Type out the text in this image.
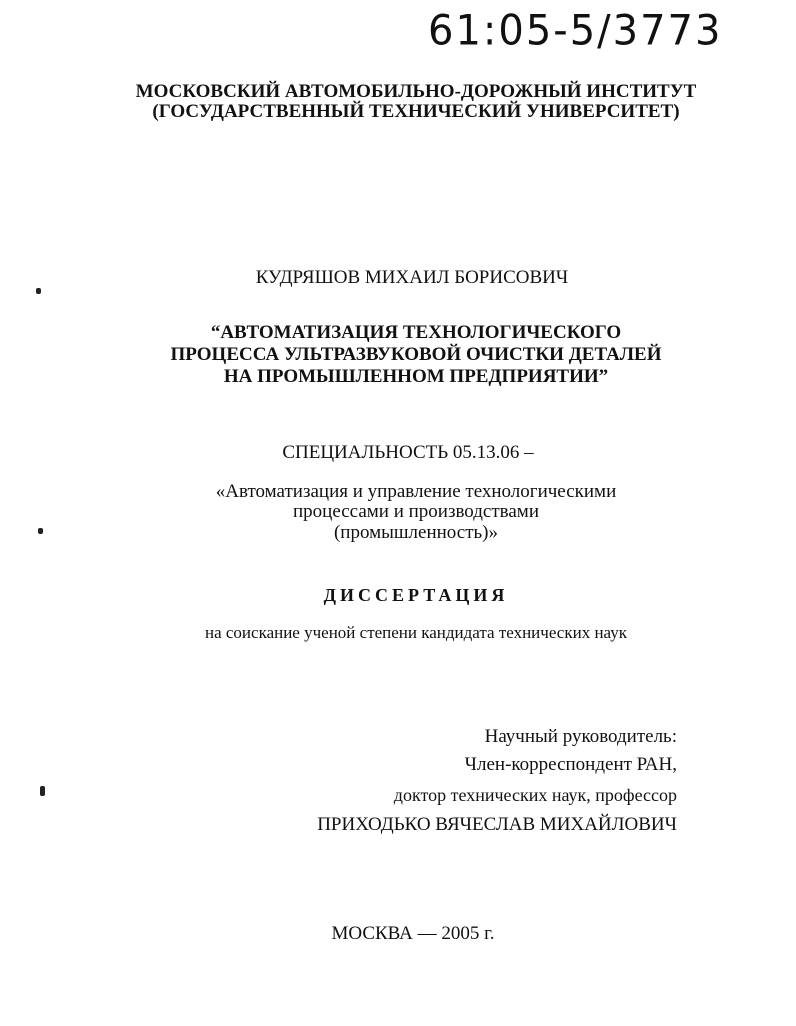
61:05-5/3773
МОСКОВСКИЙ АВТОМОБИЛЬНО-ДОРОЖНЫЙ ИНСТИТУТ
(ГОСУДАРСТВЕННЫЙ ТЕХНИЧЕСКИЙ УНИВЕРСИТЕТ)
КУДРЯШОВ МИХАИЛ БОРИСОВИЧ
“АВТОМАТИЗАЦИЯ ТЕХНОЛОГИЧЕСКОГО
ПРОЦЕССА УЛЬТРАЗВУКОВОЙ ОЧИСТКИ ДЕТАЛЕЙ
НА ПРОМЫШЛЕННОМ ПРЕДПРИЯТИИ”
СПЕЦИАЛЬНОСТЬ 05.13.06 –
«Автоматизация и управление технологическими
процессами и производствами
(промышленность)»
ДИССЕРТАЦИЯ
на соискание ученой степени кандидата технических наук
Научный руководитель:
Член-корреспондент РАН,
доктор технических наук, профессор
ПРИХОДЬКО ВЯЧЕСЛАВ МИХАЙЛОВИЧ
МОСКВА — 2005 г.
